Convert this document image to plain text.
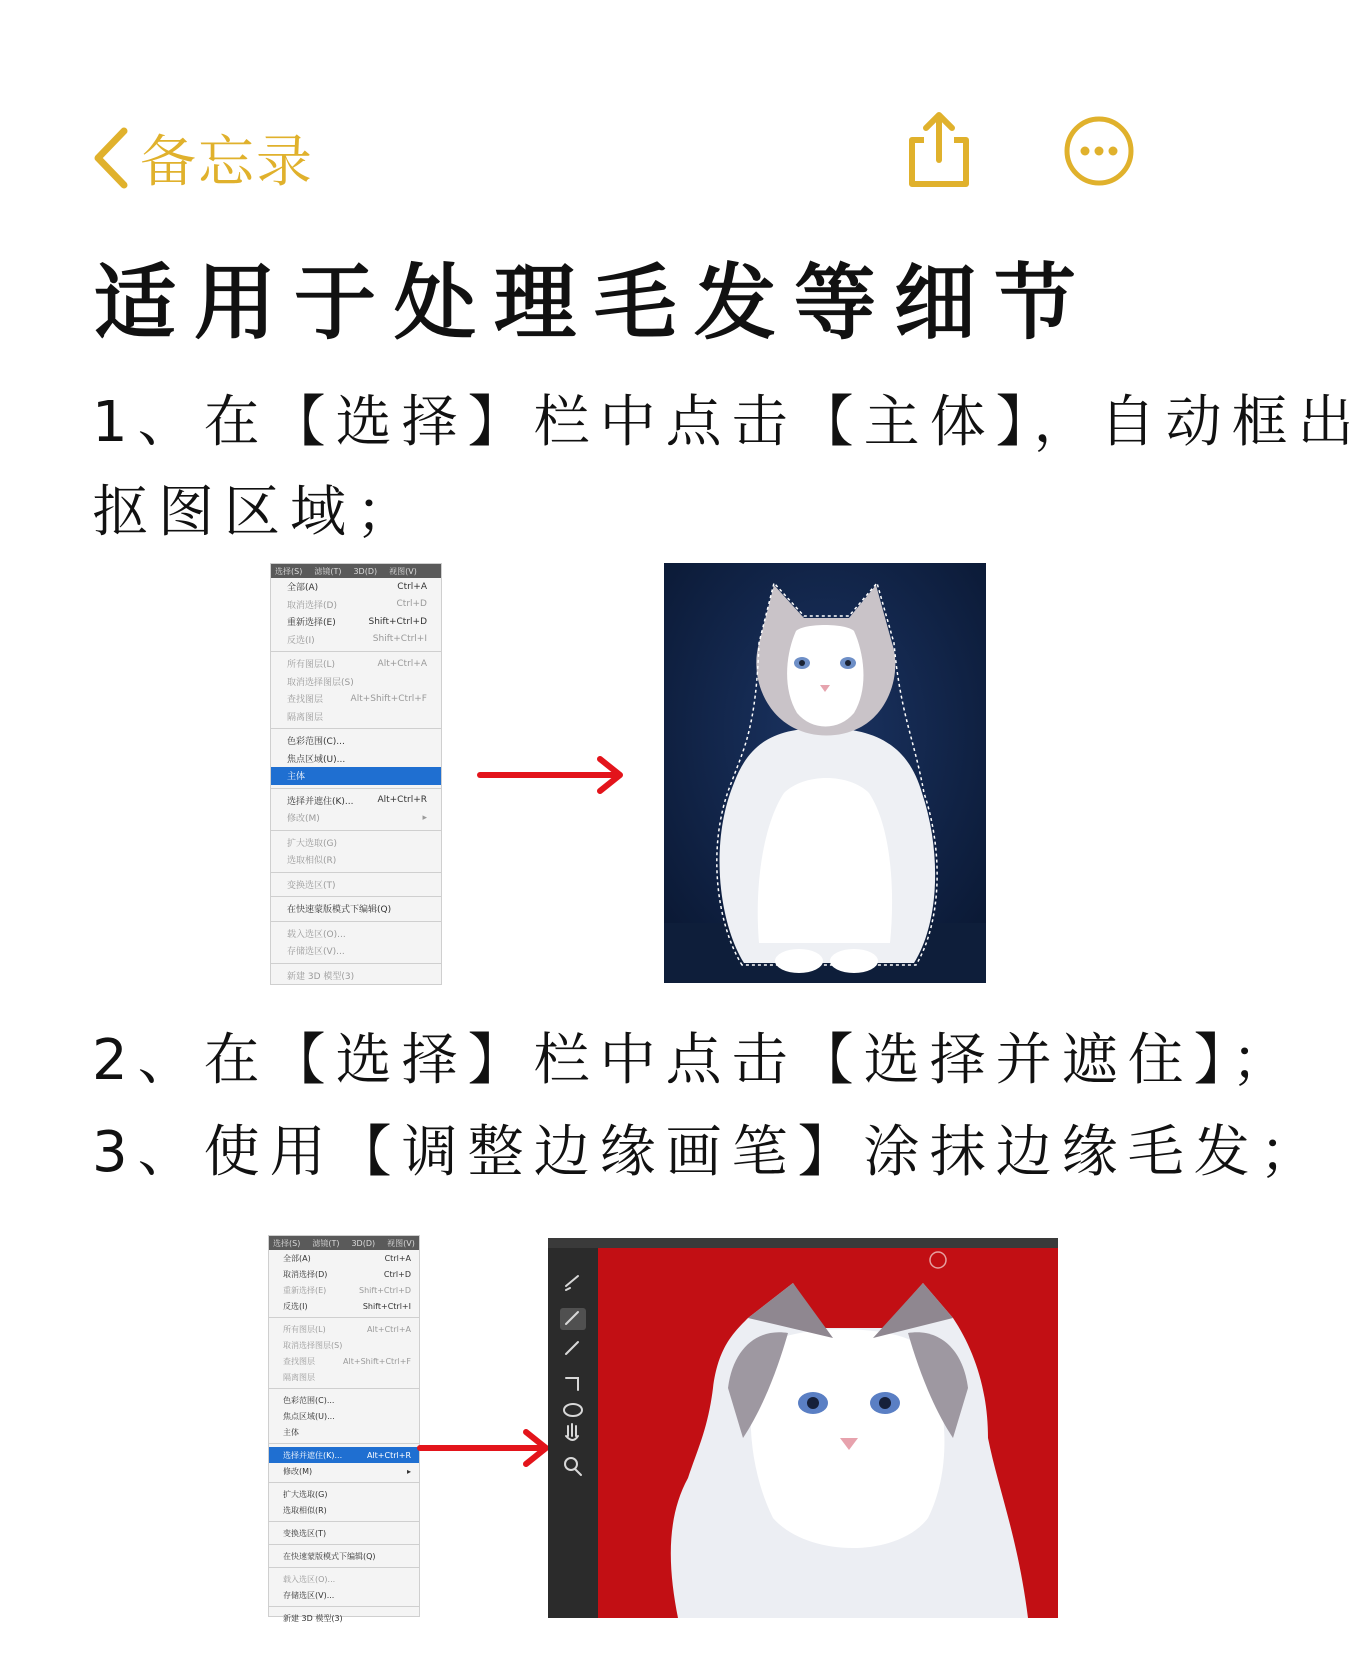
备忘录
适用于处理毛发等细节
1、在【选择】栏中点击【主体】，自动框出
抠图区域；
选择(S) 滤镜(T) 3D(D) 视图(V)
全部(A)	Ctrl+A
取消选择(D)	Ctrl+D
重新选择(E)	Shift+Ctrl+D
反选(I)	Shift+Ctrl+I
所有图层(L)	Alt+Ctrl+A
取消选择图层(S)
查找图层	Alt+Shift+Ctrl+F
隔离图层
色彩范围(C)...
焦点区域(U)...
主体
选择并遮住(K)...	Alt+Ctrl+R
修改(M)	▸
扩大选取(G)
选取相似(R)
变换选区(T)
在快速蒙版模式下编辑(Q)
载入选区(O)...
存储选区(V)...
新建 3D 模型(3)
2、在【选择】栏中点击【选择并遮住】；
3、使用【调整边缘画笔】涂抹边缘毛发；
选择(S) 滤镜(T) 3D(D) 视图(V)
全部(A)	Ctrl+A
取消选择(D)	Ctrl+D
重新选择(E)	Shift+Ctrl+D
反选(I)	Shift+Ctrl+I
所有图层(L)	Alt+Ctrl+A
取消选择图层(S)
查找图层	Alt+Shift+Ctrl+F
隔离图层
色彩范围(C)...
焦点区域(U)...
主体
选择并遮住(K)...	Alt+Ctrl+R
修改(M)	▸
扩大选取(G)
选取相似(R)
变换选区(T)
在快速蒙版模式下编辑(Q)
载入选区(O)...
存储选区(V)...
新建 3D 模型(3)
